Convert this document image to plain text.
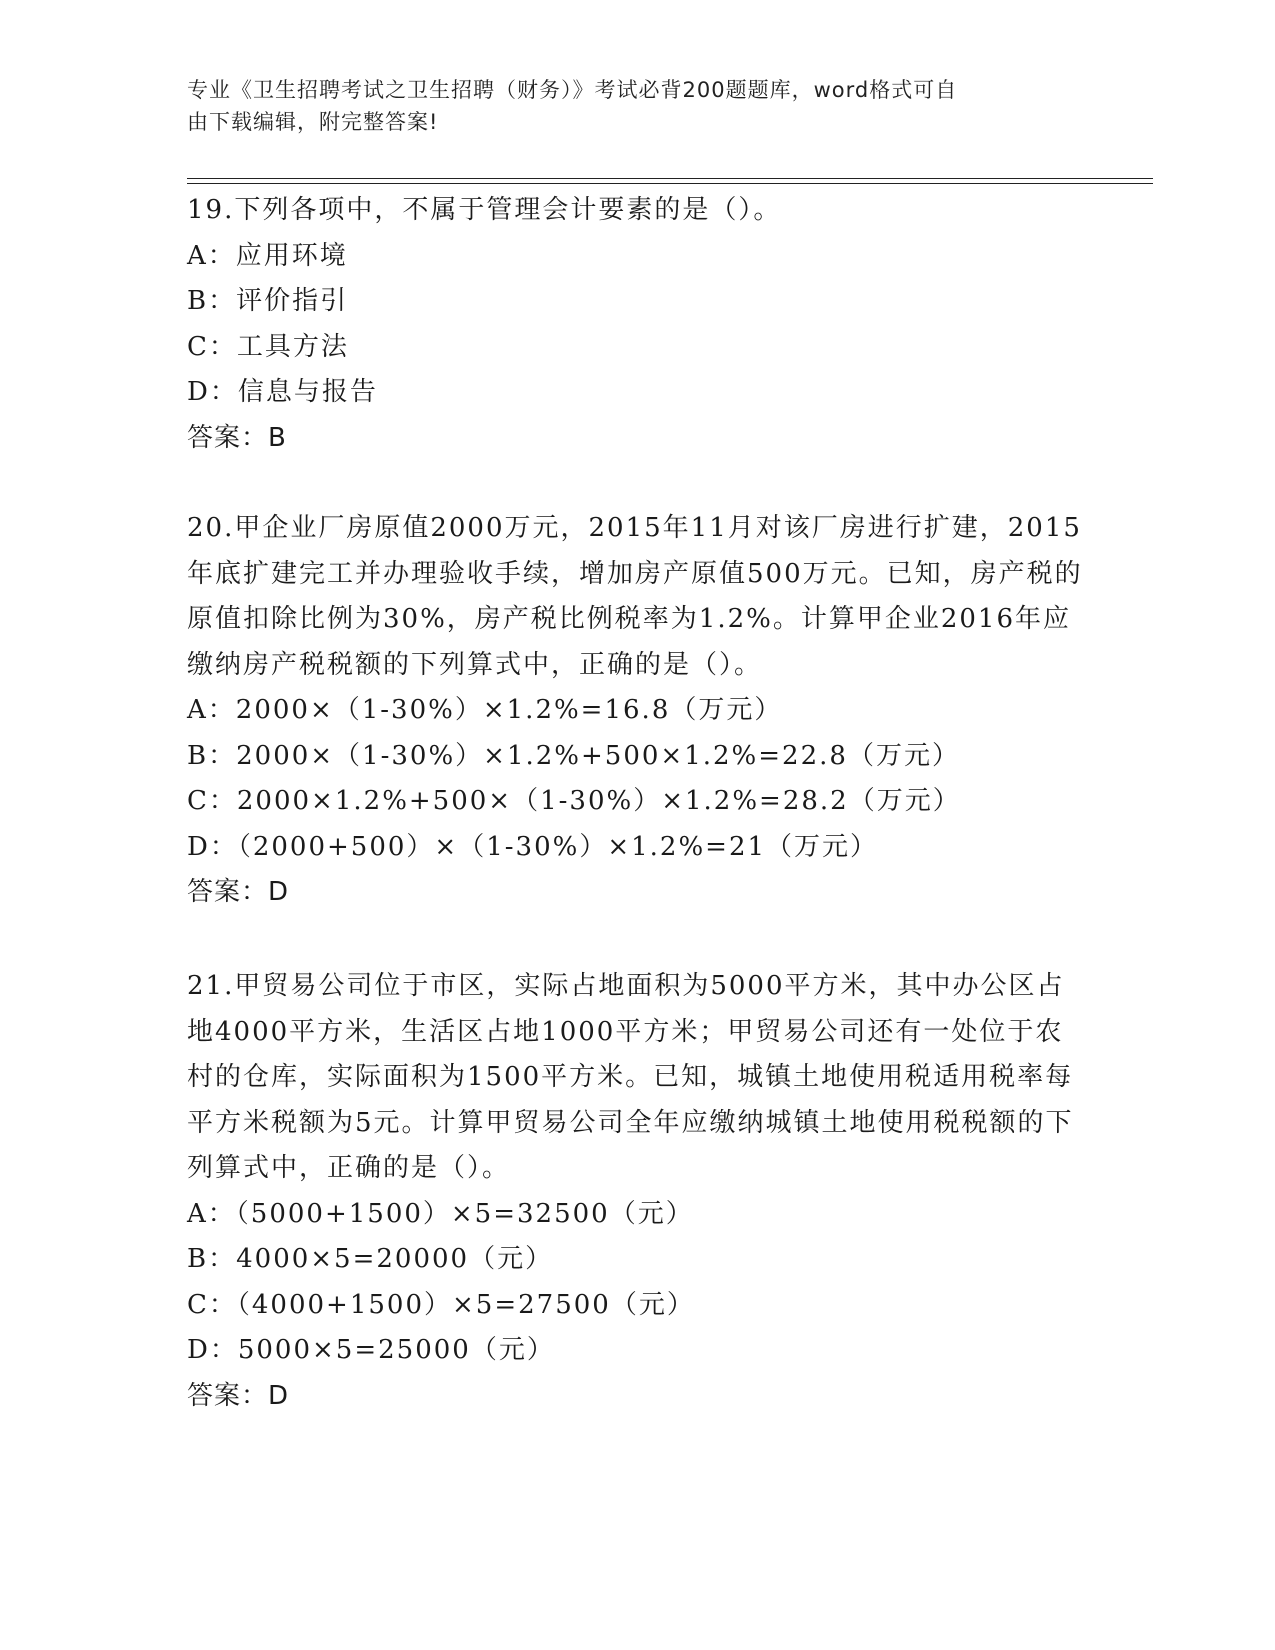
专业《卫生招聘考试之卫生招聘（财务）》考试必背200题题库，word格式可自
由下载编辑，附完整答案!
19.下列各项中，不属于管理会计要素的是（）。
A：应用环境
B：评价指引
C：工具方法
D：信息与报告
答案：B
20.甲企业厂房原值2000万元，2015年11月对该厂房进行扩建，2015年底扩建完工并办理验收手续，增加房产原值500万元。已知，房产税的原值扣除比例为30%，房产税比例税率为1.2%。计算甲企业2016年应缴纳房产税税额的下列算式中，正确的是（）。
A：2000×（1-30%）×1.2%=16.8（万元）
B：2000×（1-30%）×1.2%+500×1.2%=22.8（万元）
C：2000×1.2%+500×（1-30%）×1.2%=28.2（万元）
D：（2000+500）×（1-30%）×1.2%=21（万元）
答案：D
21.甲贸易公司位于市区，实际占地面积为5000平方米，其中办公区占地4000平方米，生活区占地1000平方米；甲贸易公司还有一处位于农村的仓库，实际面积为1500平方米。已知，城镇土地使用税适用税率每平方米税额为5元。计算甲贸易公司全年应缴纳城镇土地使用税税额的下列算式中，正确的是（）。
A：（5000+1500）×5=32500（元）
B：4000×5=20000（元）
C：（4000+1500）×5=27500（元）
D：5000×5=25000（元）
答案：D
